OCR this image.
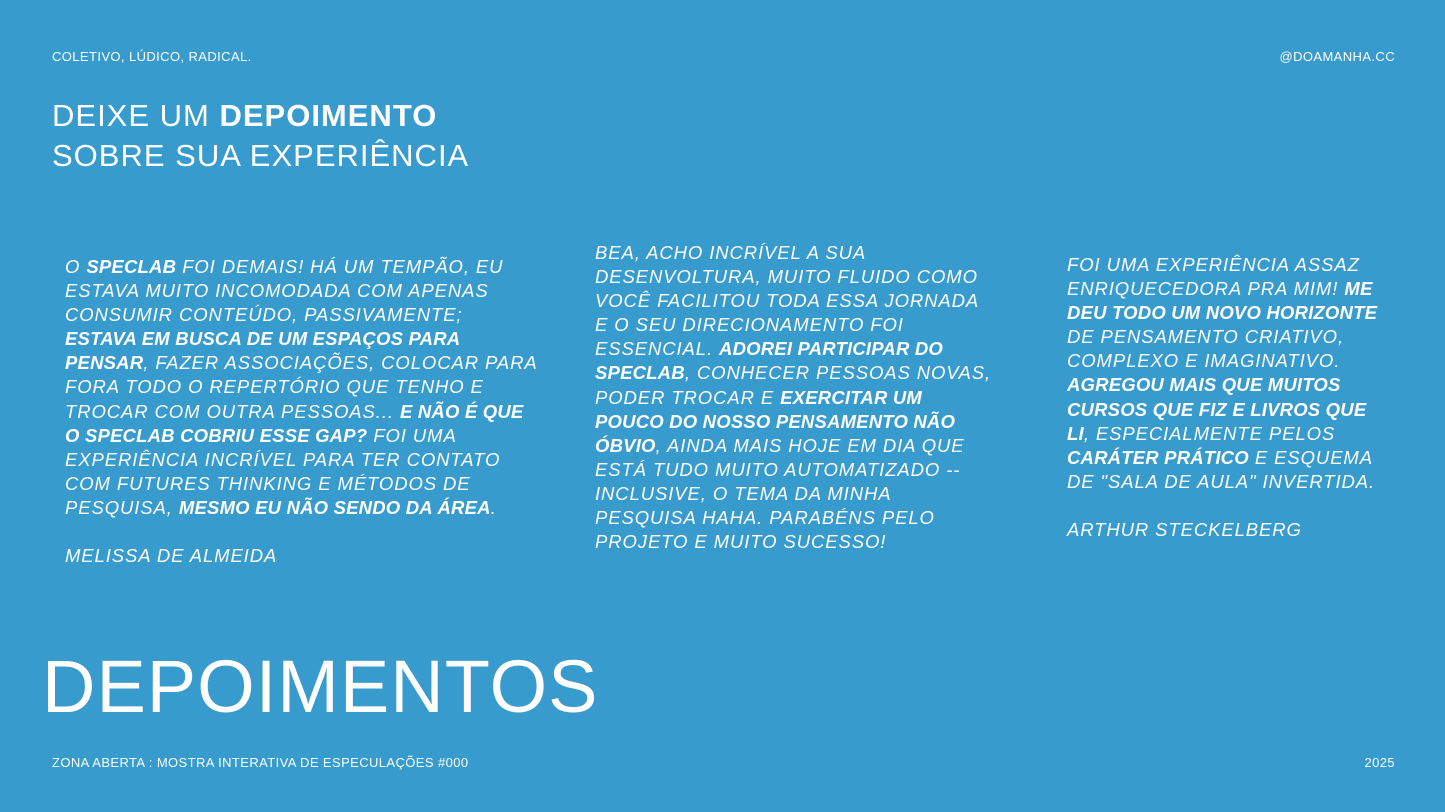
COLETIVO, LÚDICO, RADICAL.	@DOAMANHA.CC
DEIXE UM DEPOIMENTO
SOBRE SUA EXPERIÊNCIA
O SPECLAB FOI DEMAIS! HÁ UM TEMPÃO, EU
ESTAVA MUITO INCOMODADA COM APENAS
CONSUMIR CONTEÚDO, PASSIVAMENTE;
ESTAVA EM BUSCA DE UM ESPAÇOS PARA
PENSAR, FAZER ASSOCIAÇÕES, COLOCAR PARA
FORA TODO O REPERTÓRIO QUE TENHO E
TROCAR COM OUTRA PESSOAS... E NÃO É QUE
O SPECLAB COBRIU ESSE GAP? FOI UMA
EXPERIÊNCIA INCRÍVEL PARA TER CONTATO
COM FUTURES THINKING E MÉTODOS DE
PESQUISA, MESMO EU NÃO SENDO DA ÁREA.
MELISSA DE ALMEIDA
BEA, ACHO INCRÍVEL A SUA
DESENVOLTURA, MUITO FLUIDO COMO
VOCÊ FACILITOU TODA ESSA JORNADA
E O SEU DIRECIONAMENTO FOI
ESSENCIAL. ADOREI PARTICIPAR DO
SPECLAB, CONHECER PESSOAS NOVAS,
PODER TROCAR E EXERCITAR UM
POUCO DO NOSSO PENSAMENTO NÃO
ÓBVIO, AINDA MAIS HOJE EM DIA QUE
ESTÁ TUDO MUITO AUTOMATIZADO --
INCLUSIVE, O TEMA DA MINHA
PESQUISA HAHA. PARABÉNS PELO
PROJETO E MUITO SUCESSO!
FOI UMA EXPERIÊNCIA ASSAZ
ENRIQUECEDORA PRA MIM! ME
DEU TODO UM NOVO HORIZONTE
DE PENSAMENTO CRIATIVO,
COMPLEXO E IMAGINATIVO.
AGREGOU MAIS QUE MUITOS
CURSOS QUE FIZ E LIVROS QUE
LI, ESPECIALMENTE PELOS
CARÁTER PRÁTICO E ESQUEMA
DE "SALA DE AULA" INVERTIDA.
ARTHUR STECKELBERG
DEPOIMENTOS
ZONA ABERTA : MOSTRA INTERATIVA DE ESPECULAÇÕES #000	2025
